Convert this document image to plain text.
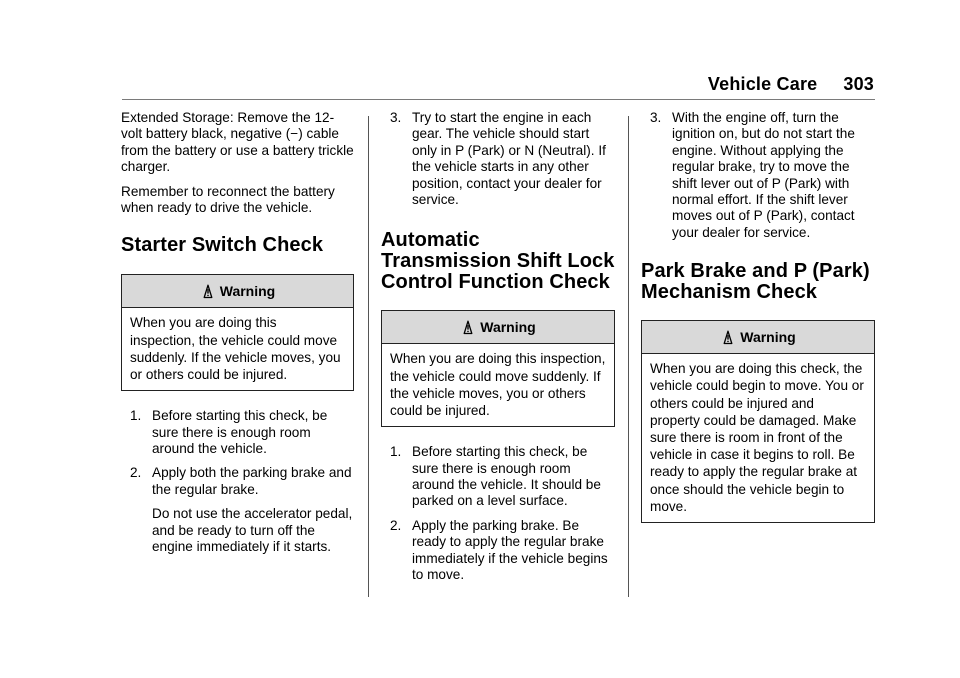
Vehicle Care 303

Extended Storage: Remove the 12-volt battery black, negative (−) cable from the battery or use a battery trickle charger.

Remember to reconnect the battery when ready to drive the vehicle.

Starter Switch Check
Warning
When you are doing this inspection, the vehicle could move suddenly. If the vehicle moves, you or others could be injured.
1. Before starting this check, be sure there is enough room around the vehicle.

2. Apply both the parking brake and the regular brake.

Do not use the accelerator pedal, and be ready to turn off the engine immediately if it starts.

3. Try to start the engine in each gear. The vehicle should start only in P (Park) or N (Neutral). If the vehicle starts in any other position, contact your dealer for service.

Automatic Transmission Shift Lock Control Function Check
Warning
When you are doing this inspection, the vehicle could move suddenly. If the vehicle moves, you or others could be injured.
1. Before starting this check, be sure there is enough room around the vehicle. It should be parked on a level surface.

2. Apply the parking brake. Be ready to apply the regular brake immediately if the vehicle begins to move.

3. With the engine off, turn the ignition on, but do not start the engine. Without applying the regular brake, try to move the shift lever out of P (Park) with normal effort. If the shift lever moves out of P (Park), contact your dealer for service.

Park Brake and P (Park) Mechanism Check
Warning
When you are doing this check, the vehicle could begin to move. You or others could be injured and property could be damaged. Make sure there is room in front of the vehicle in case it begins to roll. Be ready to apply the regular brake at once should the vehicle begin to move.
